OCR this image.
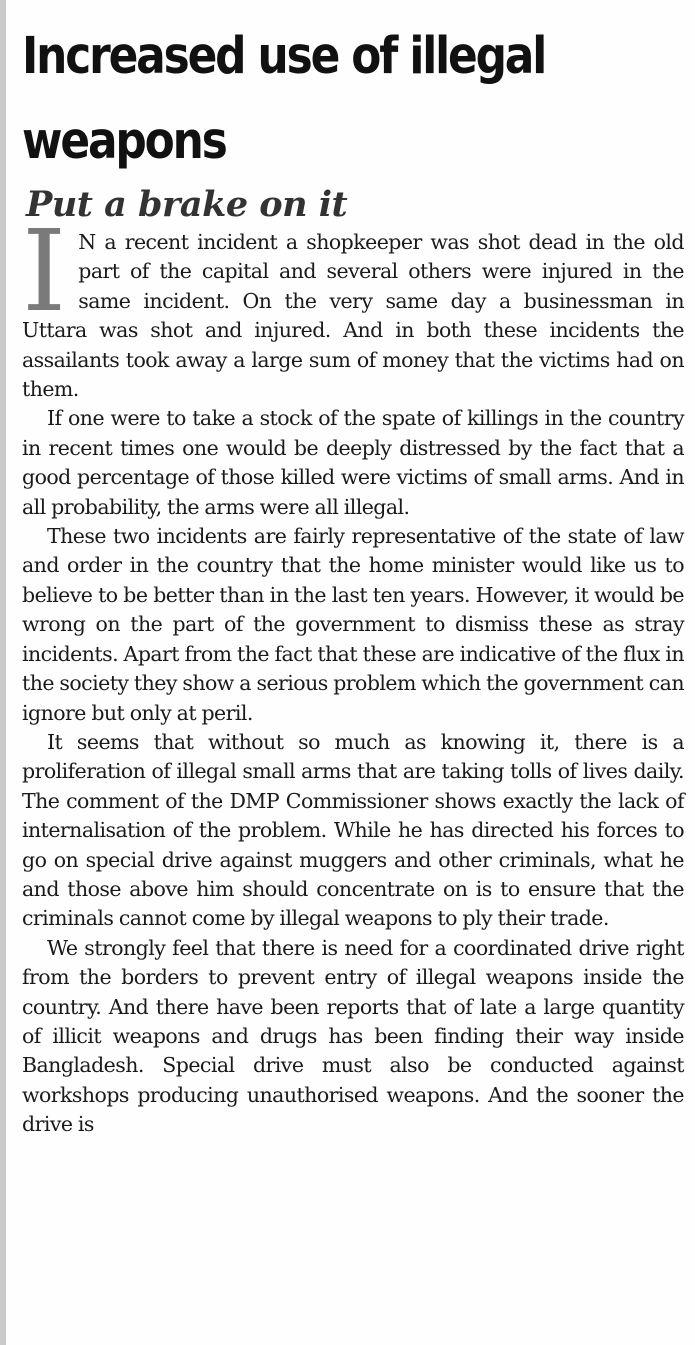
Increased use of illegal weapons
Put a brake on it

I N a recent incident a shopkeeper was shot dead in the old part of the capital and several others were injured in the same incident. On the very same day a businessman in Uttara was shot and injured. And in both these incidents the assailants took away a large sum of money that the victims had on them.

If one were to take a stock of the spate of killings in the country in recent times one would be deeply distressed by the fact that a good percentage of those killed were victims of small arms. And in all probability, the arms were all illegal.

These two incidents are fairly representative of the state of law and order in the country that the home minister would like us to believe to be better than in the last ten years. However, it would be wrong on the part of the government to dismiss these as stray incidents. Apart from the fact that these are indicative of the flux in the society they show a serious problem which the government can ignore but only at peril.

It seems that without so much as knowing it, there is a proliferation of illegal small arms that are taking tolls of lives daily. The comment of the DMP Commissioner shows exactly the lack of internalisation of the problem. While he has directed his forces to go on special drive against muggers and other criminals, what he and those above him should concentrate on is to ensure that the criminals cannot come by illegal weapons to ply their trade.

We strongly feel that there is need for a coordinated drive right from the borders to prevent entry of illegal weapons inside the country. And there have been reports that of late a large quantity of illicit weapons and drugs has been finding their way inside Bangladesh. Special drive must also be conducted against workshops producing unauthorised weapons. And the sooner the drive is
